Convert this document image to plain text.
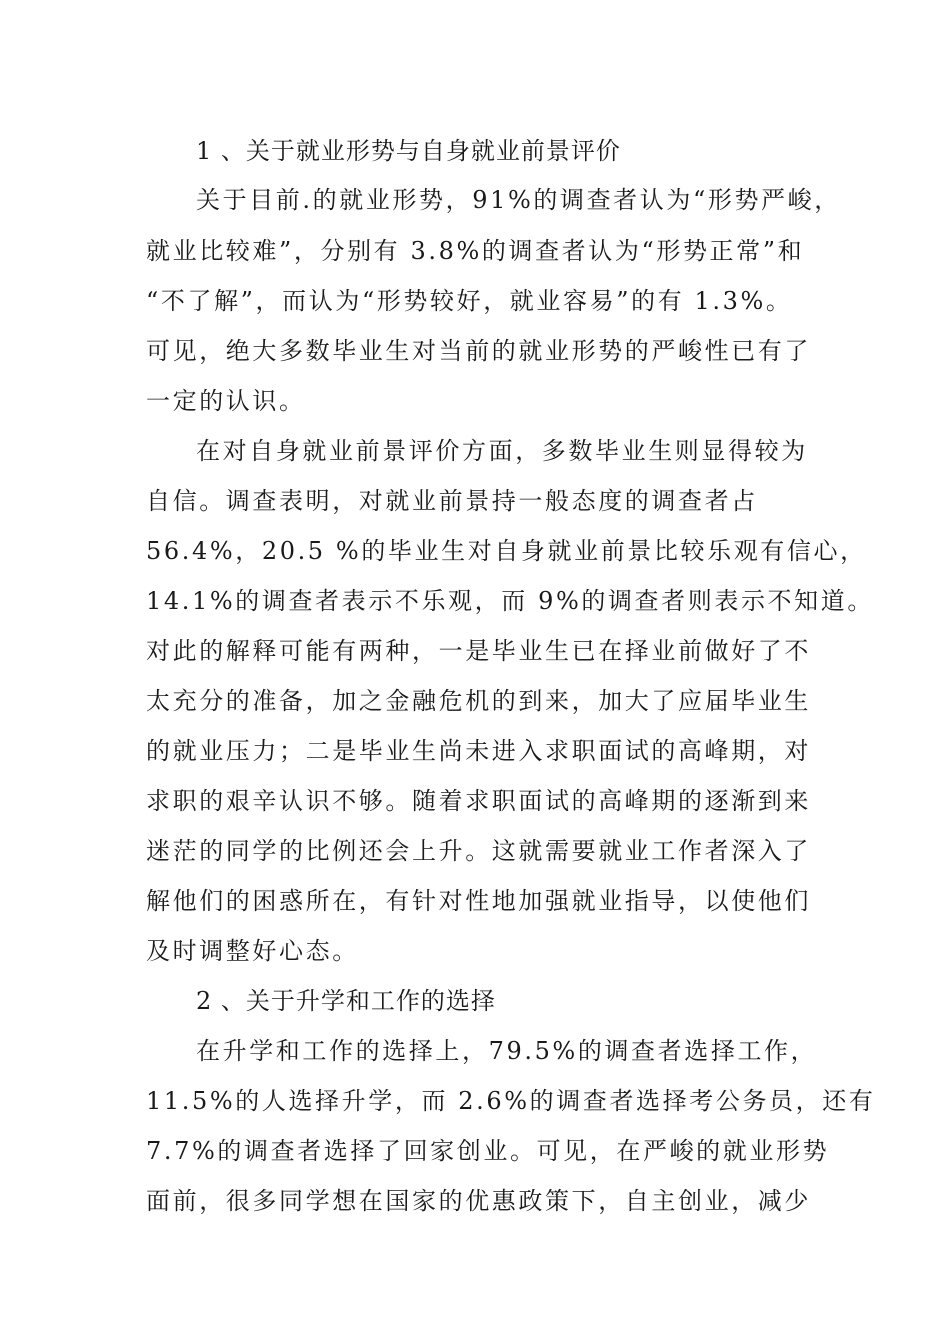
1 、关于就业形势与自身就业前景评价
关于目前.的就业形势，91%的调查者认为“形势严峻，
就业比较难”，分别有 3.8%的调查者认为“形势正常”和
“不了解”，而认为“形势较好，就业容易”的有 1.3%。
可见，绝大多数毕业生对当前的就业形势的严峻性已有了
一定的认识。
在对自身就业前景评价方面，多数毕业生则显得较为
自信。调查表明，对就业前景持一般态度的调查者占
56.4%，20.5 %的毕业生对自身就业前景比较乐观有信心，
14.1%的调查者表示不乐观，而 9%的调查者则表示不知道。
对此的解释可能有两种，一是毕业生已在择业前做好了不
太充分的准备，加之金融危机的到来，加大了应届毕业生
的就业压力；二是毕业生尚未进入求职面试的高峰期，对
求职的艰辛认识不够。随着求职面试的高峰期的逐渐到来
迷茫的同学的比例还会上升。这就需要就业工作者深入了
解他们的困惑所在，有针对性地加强就业指导，以使他们
及时调整好心态。
2 、关于升学和工作的选择
在升学和工作的选择上，79.5%的调查者选择工作，
11.5%的人选择升学，而 2.6%的调查者选择考公务员，还有
7.7%的调查者选择了回家创业。可见，在严峻的就业形势
面前，很多同学想在国家的优惠政策下，自主创业，减少
